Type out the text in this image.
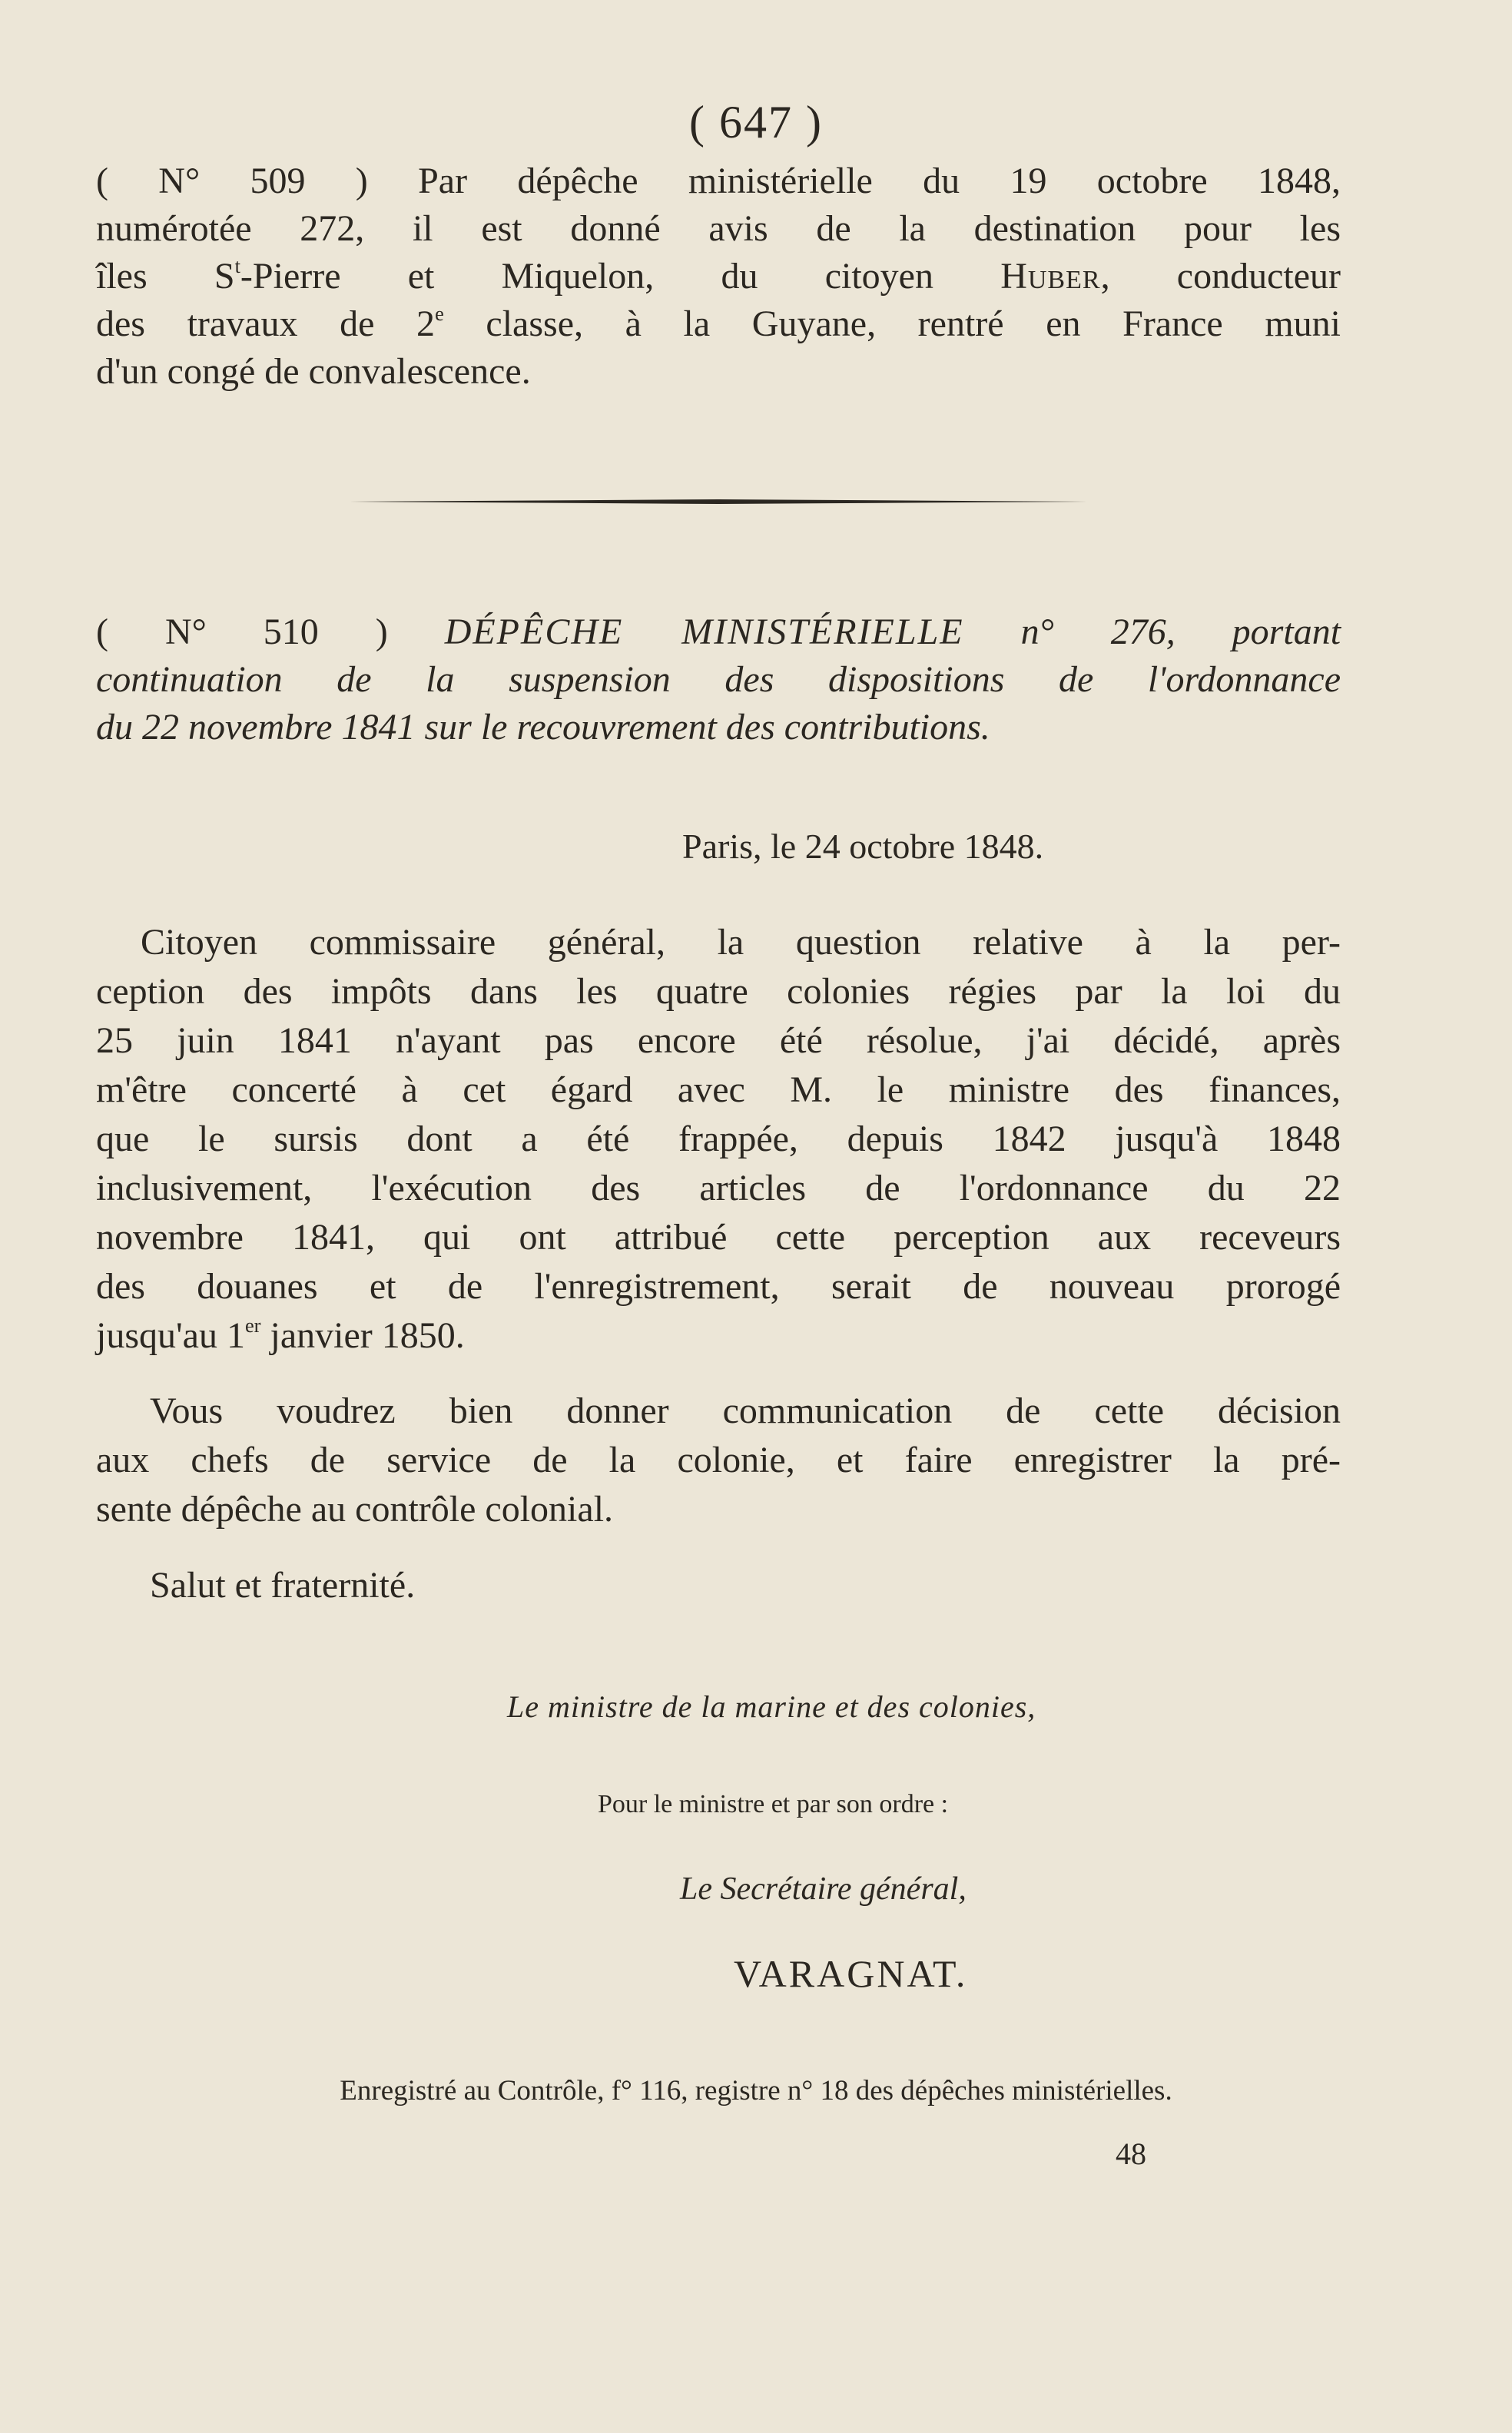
( 647 )
( N° 509 ) Par dépêche ministérielle du 19 octobre 1848,
numérotée 272, il est donné avis de la destination pour les
îles $S^t$-Pierre et Miquelon, du citoyen Huber, conducteur
des travaux de 2e classe, à la Guyane, rentré en France muni
d'un congé de convalescence.
( N° 510 ) DÉPÊCHE MINISTÉRIELLE n° 276, portant
continuation de la suspension des dispositions de l'ordonnance
du 22 novembre 1841 sur le recouvrement des contributions.
Paris, le 24 octobre 1848.
Citoyen commissaire général, la question relative à la per-
ception des impôts dans les quatre colonies régies par la loi du
25 juin 1841 n'ayant pas encore été résolue, j'ai décidé, après
m'être concerté à cet égard avec M. le ministre des finances,
que le sursis dont a été frappée, depuis 1842 jusqu'à 1848
inclusivement, l'exécution des articles de l'ordonnance du 22
novembre 1841, qui ont attribué cette perception aux receveurs
des douanes et de l'enregistrement, serait de nouveau prorogé
jusqu'au 1er janvier 1850.
Vous voudrez bien donner communication de cette décision
aux chefs de service de la colonie, et faire enregistrer la pré-
sente dépêche au contrôle colonial.
Salut et fraternité.
Le ministre de la marine et des colonies,
Pour le ministre et par son ordre :
Le Secrétaire général,
VARAGNAT.
Enregistré au Contrôle, f° 116, registre n° 18 des dépêches ministérielles.
48
